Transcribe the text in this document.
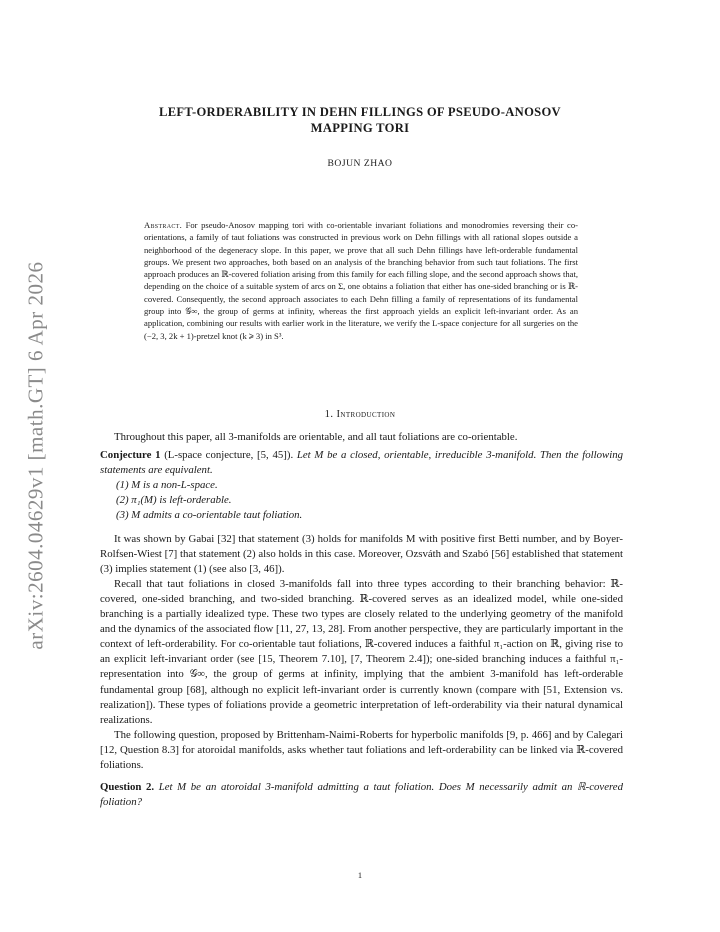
arXiv:2604.04629v1 [math.GT] 6 Apr 2026
LEFT-ORDERABILITY IN DEHN FILLINGS OF PSEUDO-ANOSOV
MAPPING TORI
BOJUN ZHAO
Abstract. For pseudo-Anosov mapping tori with co-orientable invariant foliations and monodromies reversing their co-orientations, a family of taut foliations was constructed in previous work on Dehn fillings with all rational slopes outside a neighborhood of the degeneracy slope. In this paper, we prove that all such Dehn fillings have left-orderable fundamental groups. We present two approaches, both based on an analysis of the branching behavior from such taut foliations. The first approach produces an ℝ-covered foliation arising from this family for each filling slope, and the second approach shows that, depending on the choice of a suitable system of arcs on Σ, one obtains a foliation that either has one-sided branching or is ℝ-covered. Consequently, the second approach associates to each Dehn filling a family of representations of its fundamental group into 𝒢∞, the group of germs at infinity, whereas the first approach yields an explicit left-invariant order. As an application, combining our results with earlier work in the literature, we verify the L-space conjecture for all surgeries on the (−2, 3, 2k + 1)-pretzel knot (k ⩾ 3) in S³.
1. Introduction

Throughout this paper, all 3-manifolds are orientable, and all taut foliations are co-orientable.

Conjecture 1 (L-space conjecture, [5, 45]). Let M be a closed, orientable, irreducible 3-manifold. Then the following statements are equivalent.
(1) M is a non-L-space.
(2) π₁(M) is left-orderable.
(3) M admits a co-orientable taut foliation.

It was shown by Gabai [32] that statement (3) holds for manifolds M with positive first Betti number, and by Boyer-Rolfsen-Wiest [7] that statement (2) also holds in this case. Moreover, Ozsváth and Szabó [56] established that statement (3) implies statement (1) (see also [3, 46]).

Recall that taut foliations in closed 3-manifolds fall into three types according to their branching behavior: ℝ-covered, one-sided branching, and two-sided branching. ℝ-covered serves as an idealized model, while one-sided branching is a partially idealized type. These two types are closely related to the underlying geometry of the manifold and the dynamics of the associated flow [11, 27, 13, 28]. From another perspective, they are particularly important in the context of left-orderability. For co-orientable taut foliations, ℝ-covered induces a faithful π₁-action on ℝ, giving rise to an explicit left-invariant order (see [15, Theorem 7.10], [7, Theorem 2.4]); one-sided branching induces a faithful π₁-representation into 𝒢∞, the group of germs at infinity, implying that the ambient 3-manifold has left-orderable fundamental group [68], although no explicit left-invariant order is currently known (compare with [51, Extension vs. realization]). These types of foliations provide a geometric interpretation of left-orderability via their natural dynamical realizations.

The following question, proposed by Brittenham-Naimi-Roberts for hyperbolic manifolds [9, p. 466] and by Calegari [12, Question 8.3] for atoroidal manifolds, asks whether taut foliations and left-orderability can be linked via ℝ-covered foliations.

Question 2. Let M be an atoroidal 3-manifold admitting a taut foliation. Does M necessarily admit an ℝ-covered foliation?
1
